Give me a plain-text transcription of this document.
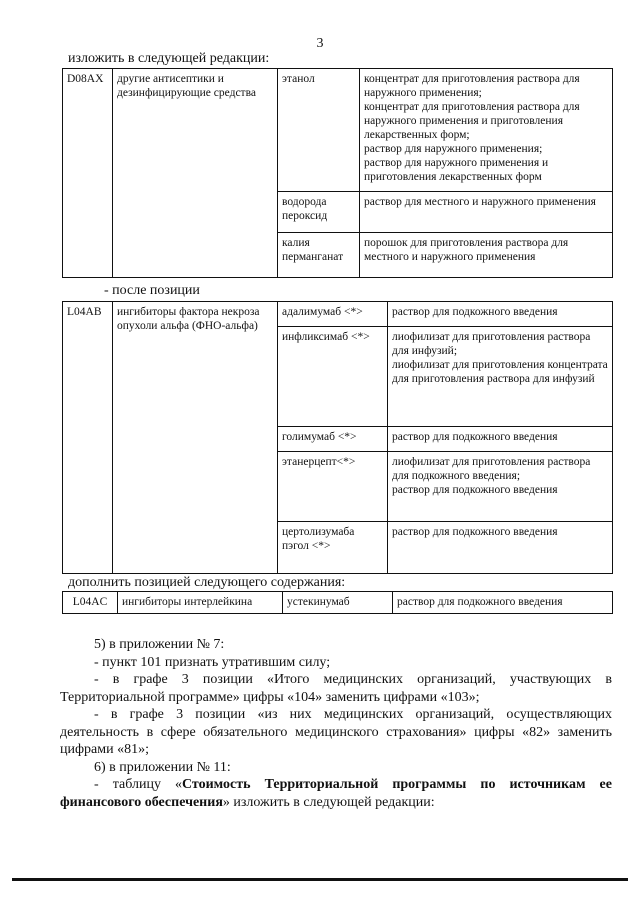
3
изложить в следующей редакции:
D08AX	другие антисептики и дезинфицирующие средства	этанол	концентрат для приготовления раствора для наружного применения;
концентрат для приготовления раствора для наружного применения и приготовления лекарственных форм;
раствор для наружного применения;
раствор для наружного применения и приготовления лекарственных форм

		водорода пероксид	раствор для местного и наружного применения
		калия перманганат	порошок для приготовления раствора для местного и наружного применения
- после позиции
L04AB	ингибиторы фактора некроза опухоли альфа (ФНО-альфа)	адалимумаб <*>	раствор для подкожного введения
		инфликсимаб <*>	лиофилизат для приготовления раствора для инфузий;
лиофилизат для приготовления концентрата для приготовления раствора для инфузий

		голимумаб <*>	раствор для подкожного введения
		этанерцепт<*>	лиофилизат для приготовления раствора для подкожного введения;
раствор для подкожного введения

		цертолизумаба пэгол <*>	раствор для подкожного введения
дополнить позицией следующего содержания:
L04AC	ингибиторы интерлейкина	устекинумаб	раствор для подкожного введения

5) в приложении № 7:

- пункт 101 признать утратившим силу;

- в графе 3 позиции «Итого медицинских организаций, участвующих в Территориальной программе» цифры «104» заменить цифрами «103»;

- в графе 3 позиции «из них медицинских организаций, осуществляющих деятельность в сфере обязательного медицинского страхования» цифры «82» заменить цифрами «81»;

6) в приложении № 11:

- таблицу «Стоимость Территориальной программы по источникам ее финансового обеспечения» изложить в следующей редакции:
